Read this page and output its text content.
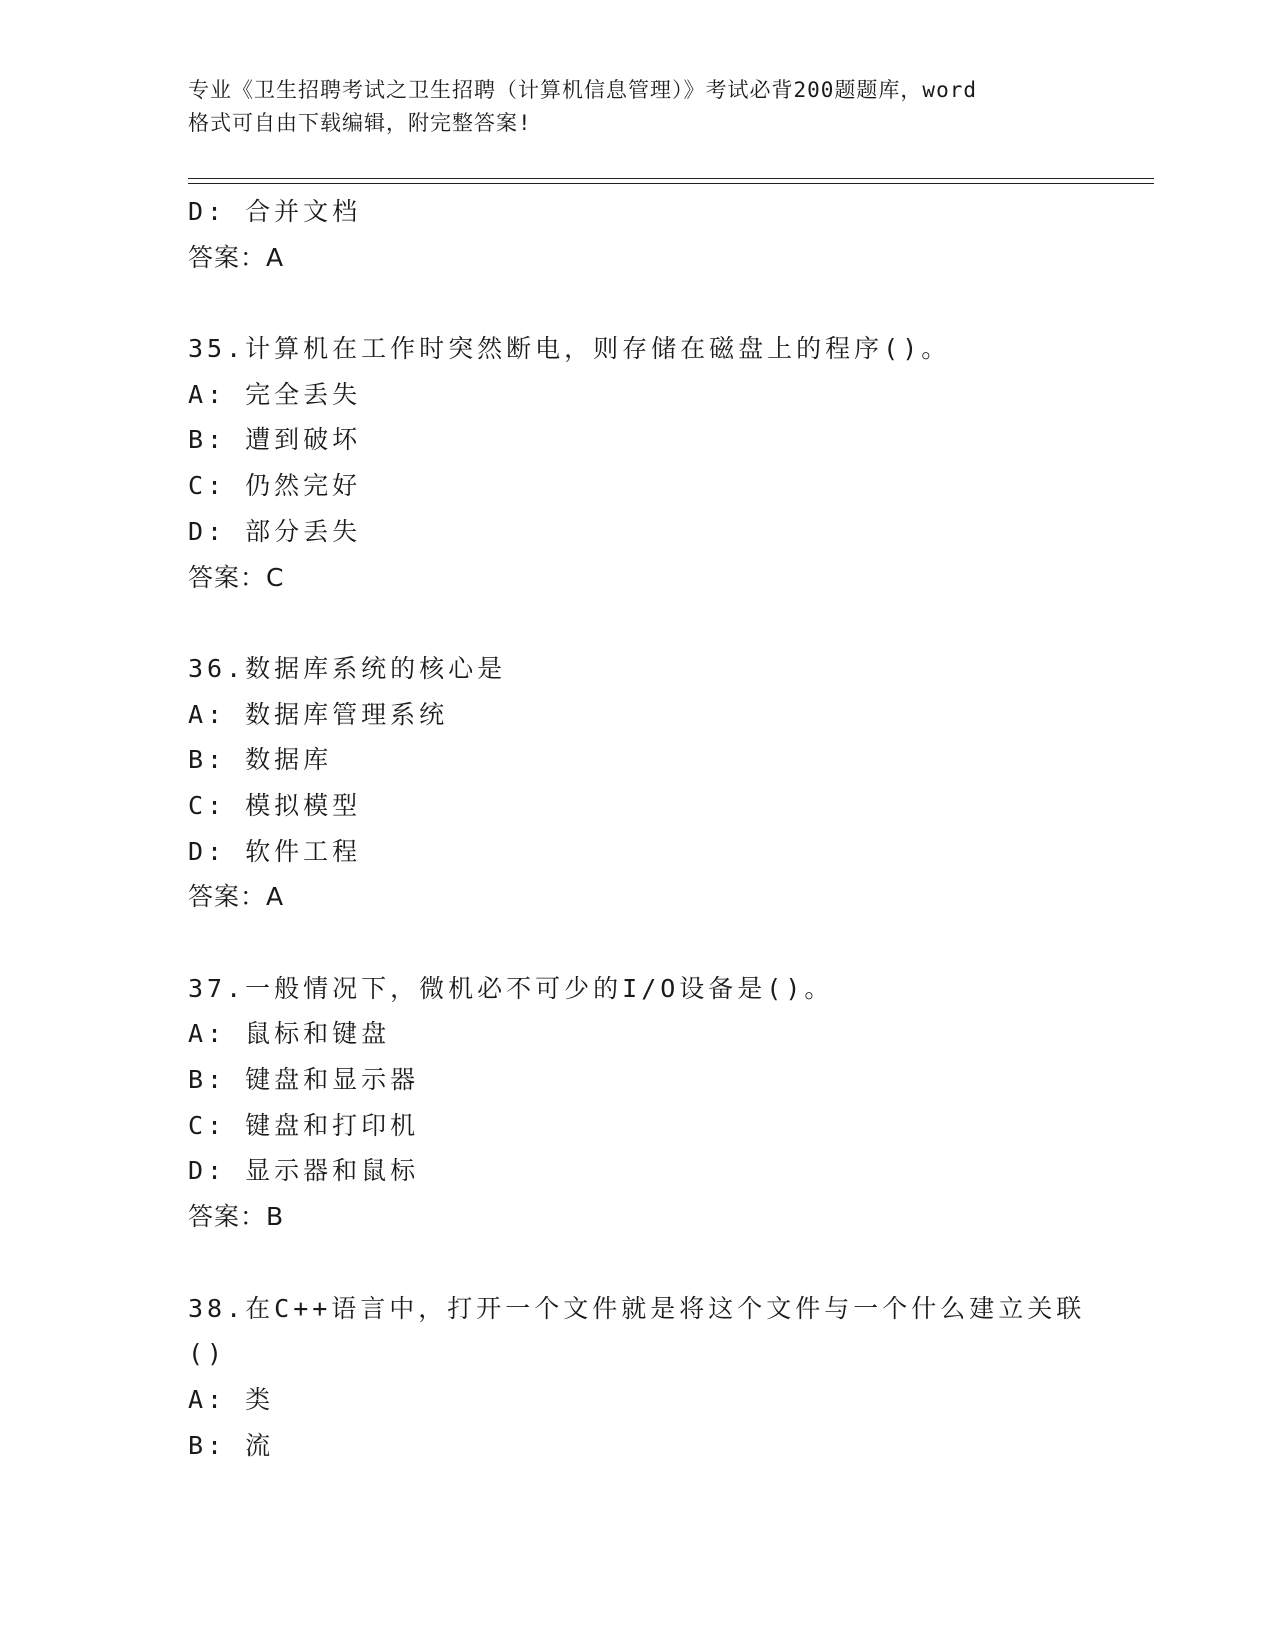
专业《卫生招聘考试之卫生招聘（计算机信息管理）》考试必背200题题库，word
格式可自由下载编辑，附完整答案!
D: 合并文档
答案：A
35.计算机在工作时突然断电，则存储在磁盘上的程序()。
A: 完全丢失
B: 遭到破坏
C: 仍然完好
D: 部分丢失
答案：C
36.数据库系统的核心是
A: 数据库管理系统
B: 数据库
C: 模拟模型
D: 软件工程
答案：A
37.一般情况下，微机必不可少的I/O设备是()。
A: 鼠标和键盘
B: 键盘和显示器
C: 键盘和打印机
D: 显示器和鼠标
答案：B
38.在C++语言中，打开一个文件就是将这个文件与一个什么建立关联
()
A: 类
B: 流
